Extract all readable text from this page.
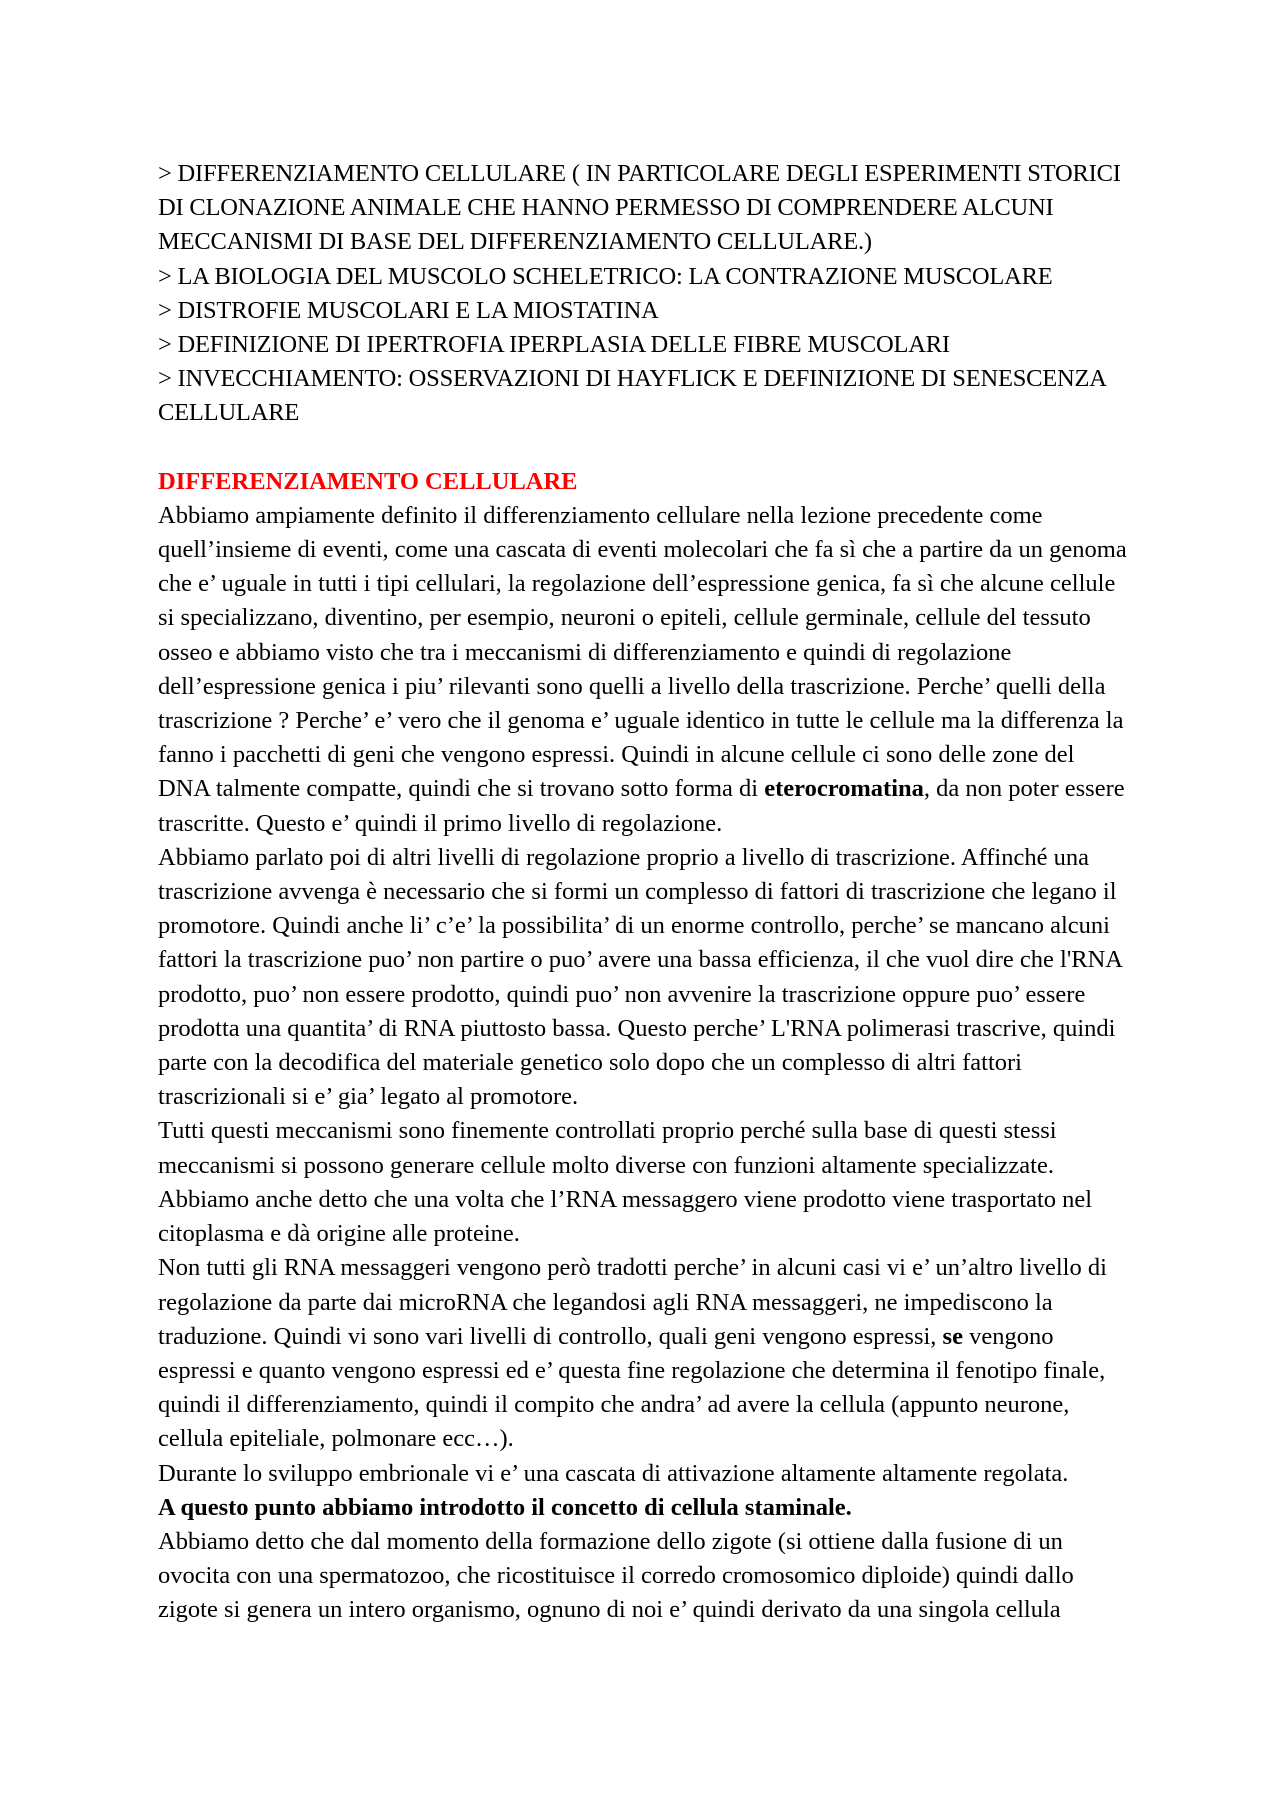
> DIFFERENZIAMENTO CELLULARE ( IN PARTICOLARE DEGLI ESPERIMENTI STORICI DI CLONAZIONE ANIMALE CHE HANNO PERMESSO DI COMPRENDERE ALCUNI MECCANISMI DI BASE DEL DIFFERENZIAMENTO CELLULARE.)

> LA BIOLOGIA DEL MUSCOLO SCHELETRICO: LA CONTRAZIONE MUSCOLARE

> DISTROFIE MUSCOLARI E LA MIOSTATINA

> DEFINIZIONE DI IPERTROFIA IPERPLASIA DELLE FIBRE MUSCOLARI

> INVECCHIAMENTO: OSSERVAZIONI DI HAYFLICK E DEFINIZIONE DI SENESCENZA CELLULARE

DIFFERENZIAMENTO CELLULARE

Abbiamo ampiamente definito il differenziamento cellulare nella lezione precedente come quell’insieme di eventi, come una cascata di eventi molecolari che fa sì che a partire da un genoma che e’ uguale in tutti i tipi cellulari, la regolazione dell’espressione genica, fa sì che alcune cellule si specializzano, diventino, per esempio, neuroni o epiteli, cellule germinale, cellule del tessuto osseo e abbiamo visto che tra i meccanismi di differenziamento e quindi di regolazione dell’espressione genica i piu’ rilevanti sono quelli a livello della trascrizione. Perche’ quelli della trascrizione ? Perche’ e’ vero che il genoma e’ uguale identico in tutte le cellule ma la differenza la fanno i pacchetti di geni che vengono espressi. Quindi in alcune cellule ci sono delle zone del DNA talmente compatte, quindi che si trovano sotto forma di eterocromatina, da non poter essere trascritte. Questo e’ quindi il primo livello di regolazione.

Abbiamo parlato poi di altri livelli di regolazione proprio a livello di trascrizione. Affinché una trascrizione avvenga è necessario che si formi un complesso di fattori di trascrizione che legano il promotore. Quindi anche li’ c’e’ la possibilita’ di un enorme controllo, perche’ se mancano alcuni fattori la trascrizione puo’ non partire o puo’ avere una bassa efficienza, il che vuol dire che l'RNA prodotto, puo’ non essere prodotto, quindi puo’ non avvenire la trascrizione oppure puo’ essere prodotta una quantita’ di RNA piuttosto bassa. Questo perche’ L'RNA polimerasi trascrive, quindi parte con la decodifica del materiale genetico solo dopo che un complesso di altri fattori trascrizionali si e’ gia’ legato al promotore.

Tutti questi meccanismi sono finemente controllati proprio perché sulla base di questi stessi meccanismi si possono generare cellule molto diverse con funzioni altamente specializzate.

Abbiamo anche detto che una volta che l’RNA messaggero viene prodotto viene trasportato nel citoplasma e dà origine alle proteine.

Non tutti gli RNA messaggeri vengono però tradotti perche’ in alcuni casi vi e’ un’altro livello di regolazione da parte dai microRNA che legandosi agli RNA messaggeri, ne impediscono la traduzione. Quindi vi sono vari livelli di controllo, quali geni vengono espressi, se vengono espressi e quanto vengono espressi ed e’ questa fine regolazione che determina il fenotipo finale, quindi il differenziamento, quindi il compito che andra’ ad avere la cellula (appunto neurone, cellula epiteliale, polmonare ecc…).

Durante lo sviluppo embrionale vi e’ una cascata di attivazione altamente altamente regolata.

A questo punto abbiamo introdotto il concetto di cellula staminale.

Abbiamo detto che dal momento della formazione dello zigote (si ottiene dalla fusione di un ovocita con una spermatozoo, che ricostituisce il corredo cromosomico diploide) quindi dallo zigote si genera un intero organismo, ognuno di noi e’ quindi derivato da una singola cellula
